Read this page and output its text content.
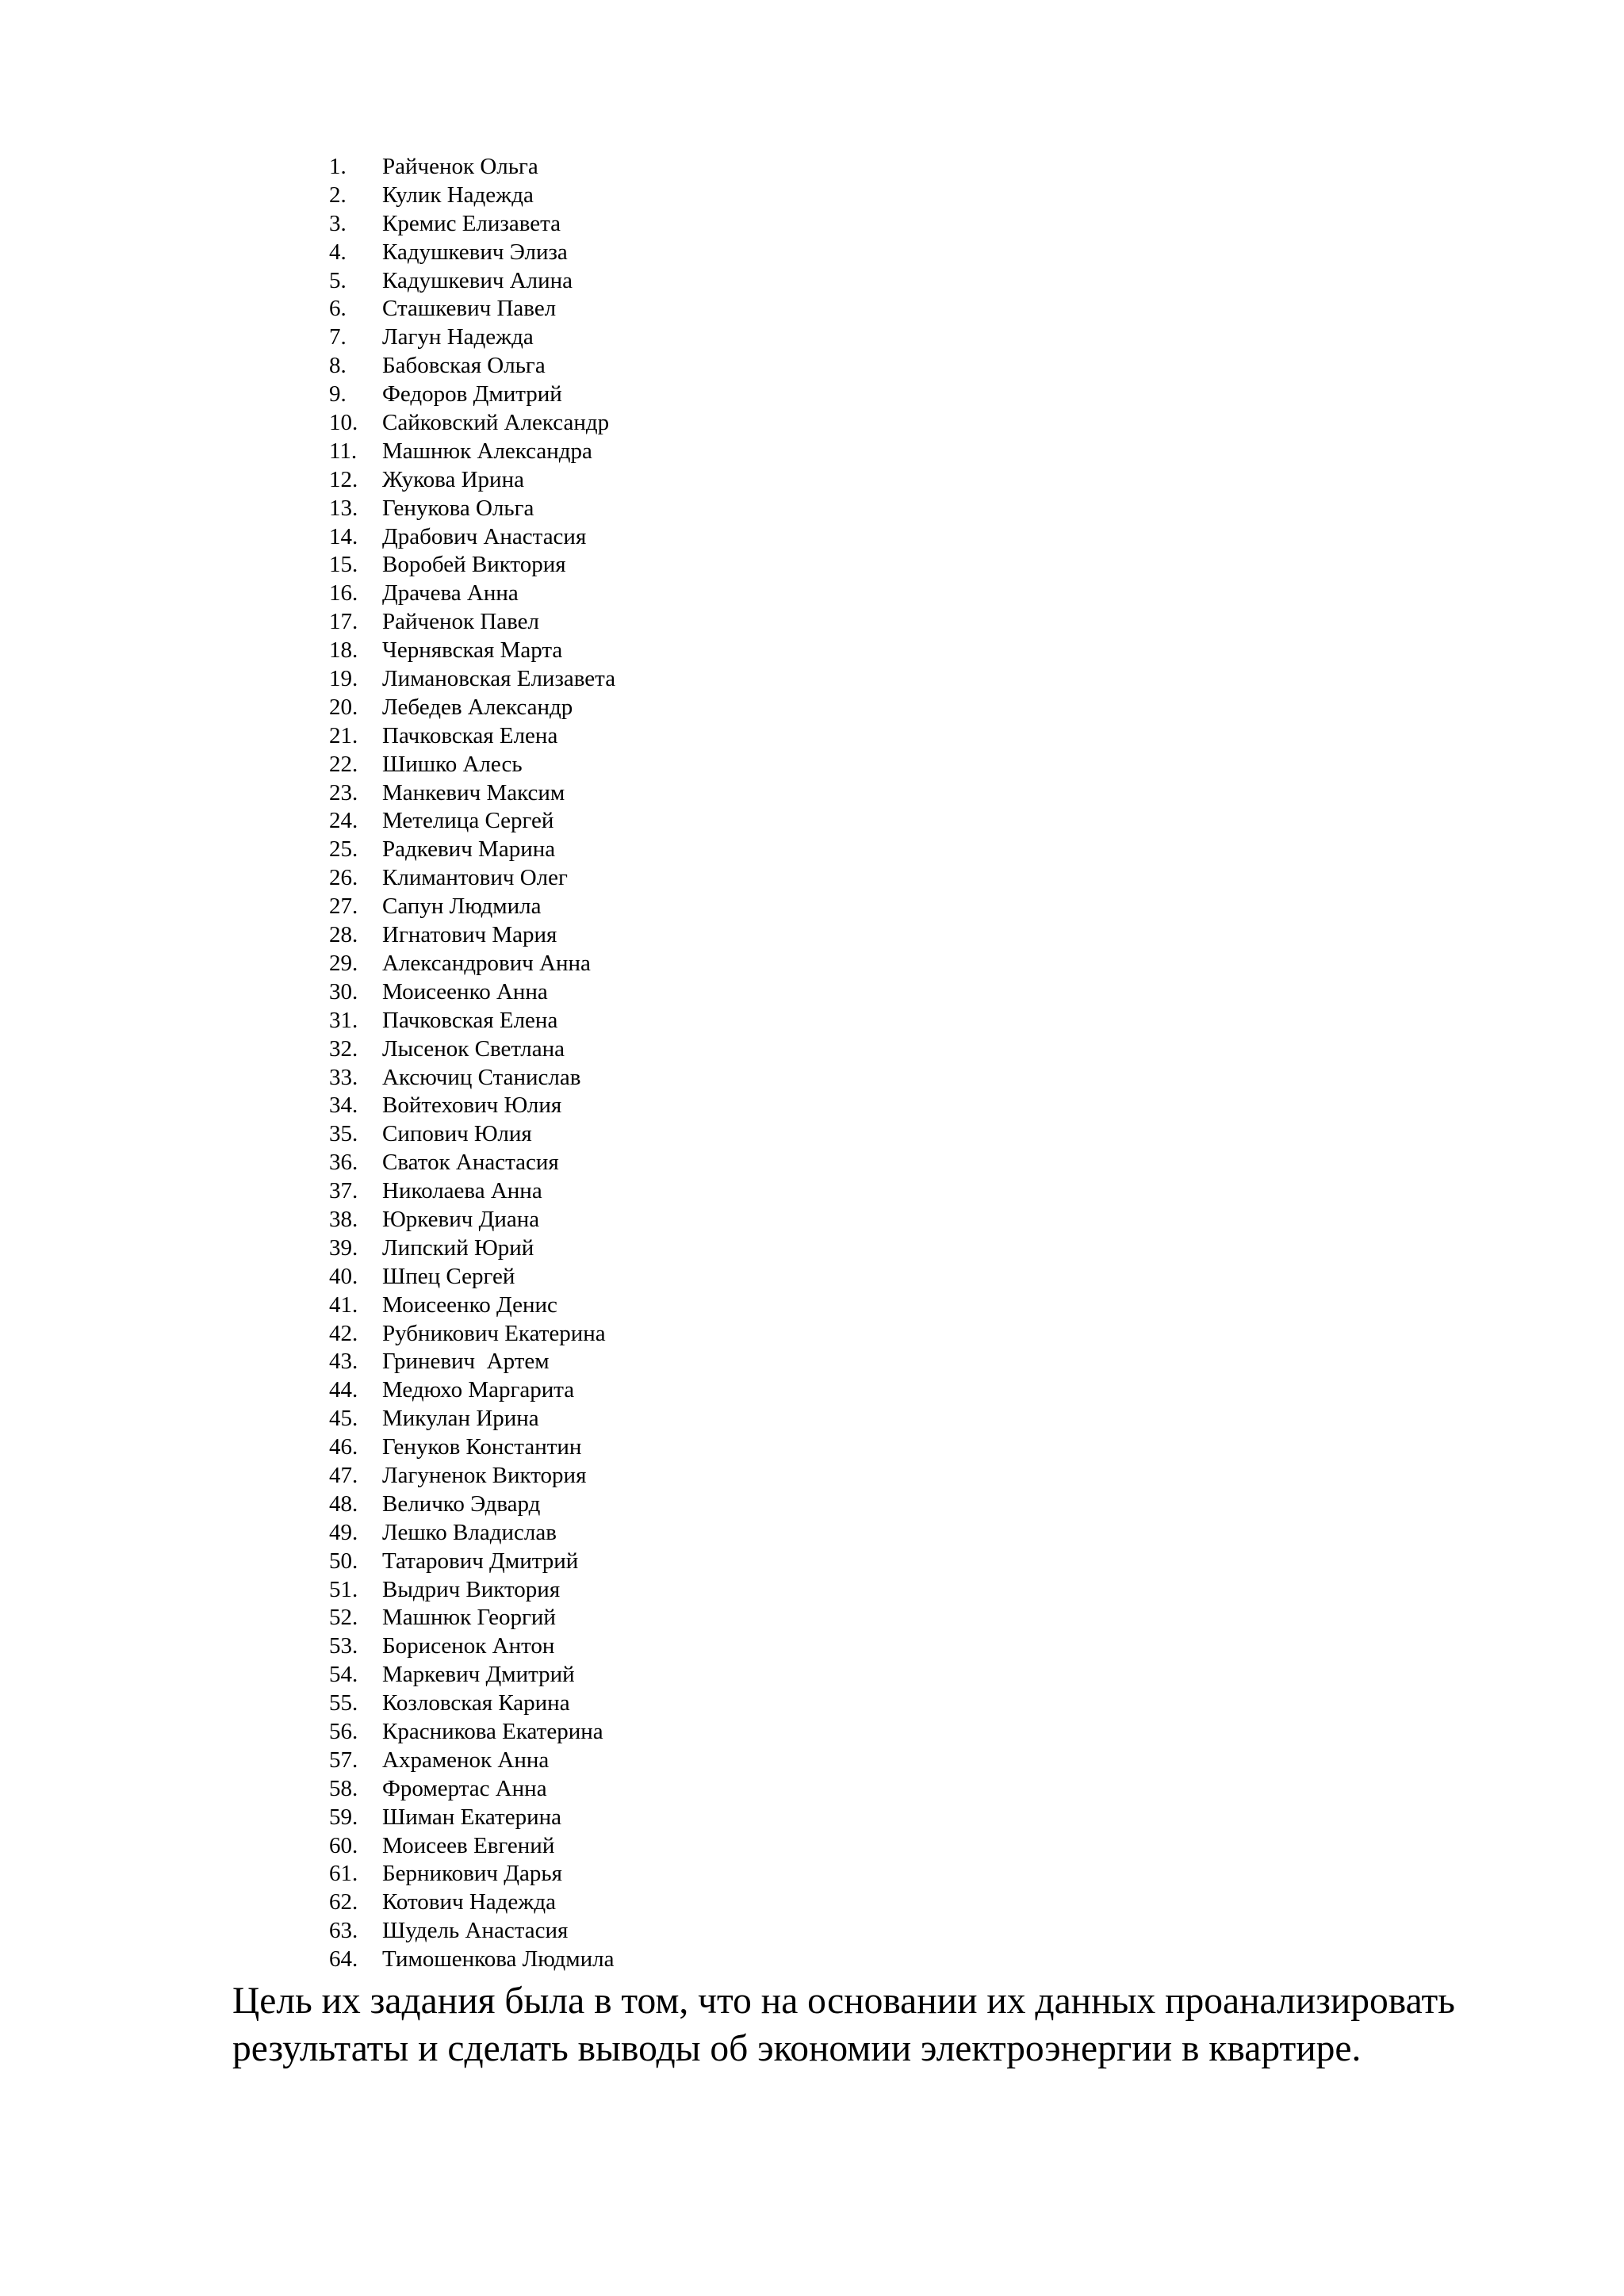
1.	Райченок Ольга
2.	Кулик Надежда
3.	Кремис Елизавета
4.	Кадушкевич Элиза
5.	Кадушкевич Алина
6.	Сташкевич Павел
7.	Лагун Надежда
8.	Бабовская Ольга
9.	Федоров Дмитрий
10.	Сайковский Александр
11.	Машнюк Александра
12.	Жукова Ирина
13.	Генукова Ольга
14.	Драбович Анастасия
15.	Воробей Виктория
16.	Драчева Анна
17.	Райченок Павел
18.	Чернявская Марта
19.	Лимановская Елизавета
20.	Лебедев Александр
21.	Пачковская Елена
22.	Шишко Алесь
23.	Манкевич Максим
24.	Метелица Сергей
25.	Радкевич Марина
26.	Климантович Олег
27.	Сапун Людмила
28.	Игнатович Мария
29.	Александрович Анна
30.	Моисеенко Анна
31.	Пачковская Елена
32.	Лысенок Светлана
33.	Аксючиц Станислав
34.	Войтехович Юлия
35.	Сипович Юлия
36.	Сваток Анастасия
37.	Николаева Анна
38.	Юркевич Диана
39.	Липский Юрий
40.	Шпец Сергей
41.	Моисеенко Денис
42.	Рубникович Екатерина
43.	Гриневич  Артем
44.	Медюхо Маргарита
45.	Микулан Ирина
46.	Генуков Константин
47.	Лагуненок Виктория
48.	Величко Эдвард
49.	Лешко Владислав
50.	Татарович Дмитрий
51.	Выдрич Виктория
52.	Машнюк Георгий
53.	Борисенок Антон
54.	Маркевич Дмитрий
55.	Козловская Карина
56.	Красникова Екатерина
57.	Ахраменок Анна
58.	Фромертас Анна
59.	Шиман Екатерина
60.	Моисеев Евгений
61.	Берникович Дарья
62.	Котович Надежда
63.	Шудель Анастасия
64.	Тимошенкова Людмила

Цель их задания была в том, что на основании их данных проанализировать результаты и сделать выводы об экономии электроэнергии в квартире.
